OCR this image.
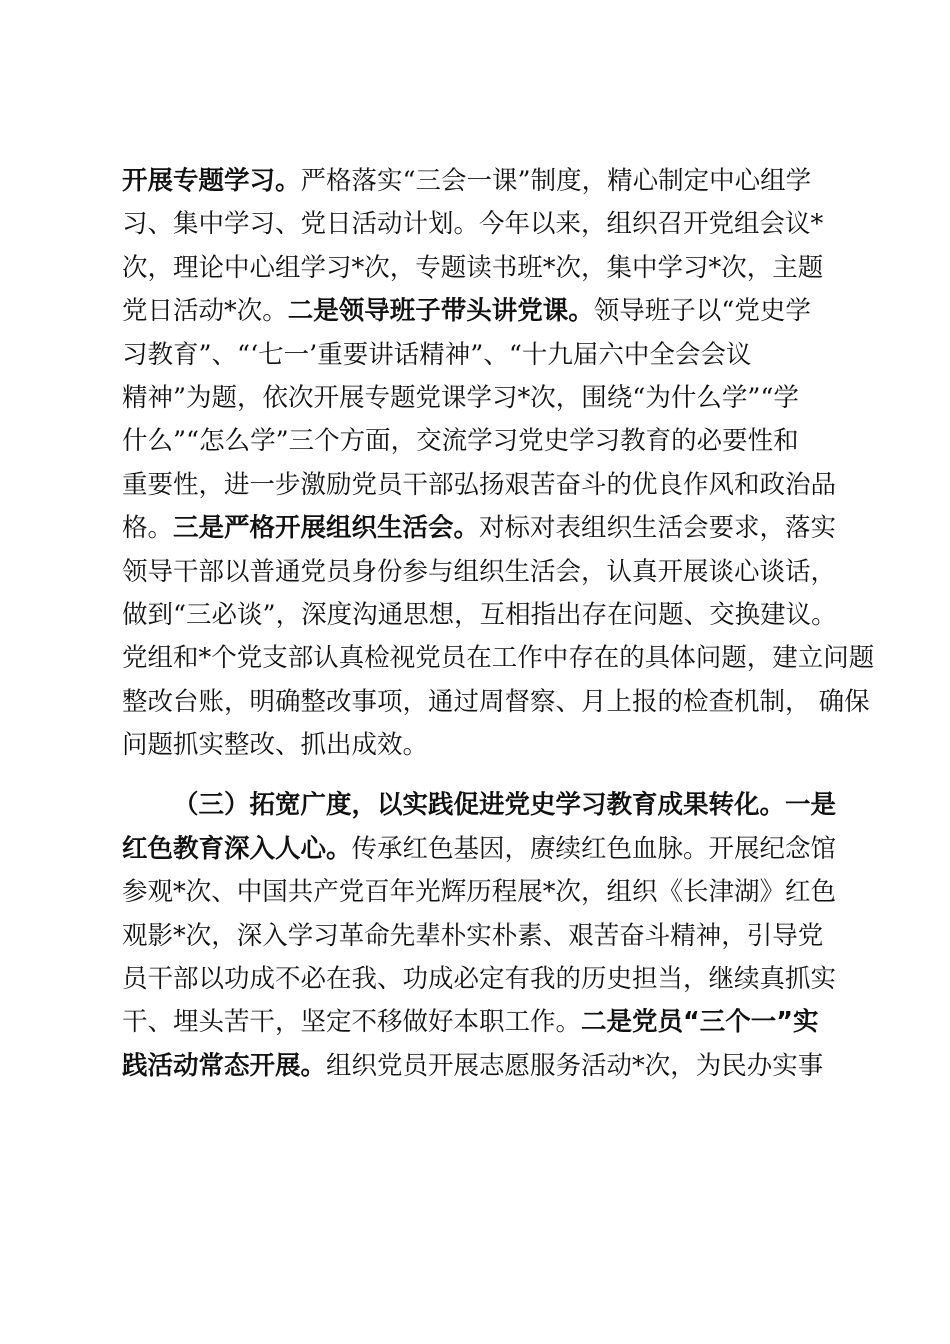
开展专题学习。严格落实“三会一课”制度，精心制定中心组学
习、集中学习、党日活动计划。今年以来，组织召开党组会议*
次，理论中心组学习*次，专题读书班*次，集中学习*次，主题
党日活动*次。二是领导班子带头讲党课。领导班子以“党史学
习教育”、“‘七一’重要讲话精神”、“十九届六中全会会议
精神”为题，依次开展专题党课学习*次，围绕“为什么学”“学
什么”“怎么学”三个方面，交流学习党史学习教育的必要性和
重要性，进一步激励党员干部弘扬艰苦奋斗的优良作风和政治品
格。三是严格开展组织生活会。对标对表组织生活会要求，落实
领导干部以普通党员身份参与组织生活会，认真开展谈心谈话，
做到“三必谈”，深度沟通思想，互相指出存在问题、交换建议。
党组和*个党支部认真检视党员在工作中存在的具体问题，建立问题
整改台账，明确整改事项，通过周督察、月上报的检查机制， 确保
问题抓实整改、抓出成效。
（三）拓宽广度，以实践促进党史学习教育成果转化。一是
红色教育深入人心。传承红色基因，赓续红色血脉。开展纪念馆
参观*次、中国共产党百年光辉历程展*次，组织《长津湖》红色
观影*次，深入学习革命先辈朴实朴素、艰苦奋斗精神，引导党
员干部以功成不必在我、功成必定有我的历史担当，继续真抓实
干、埋头苦干，坚定不移做好本职工作。二是党员“三个一”实
践活动常态开展。组织党员开展志愿服务活动*次，为民办实事
